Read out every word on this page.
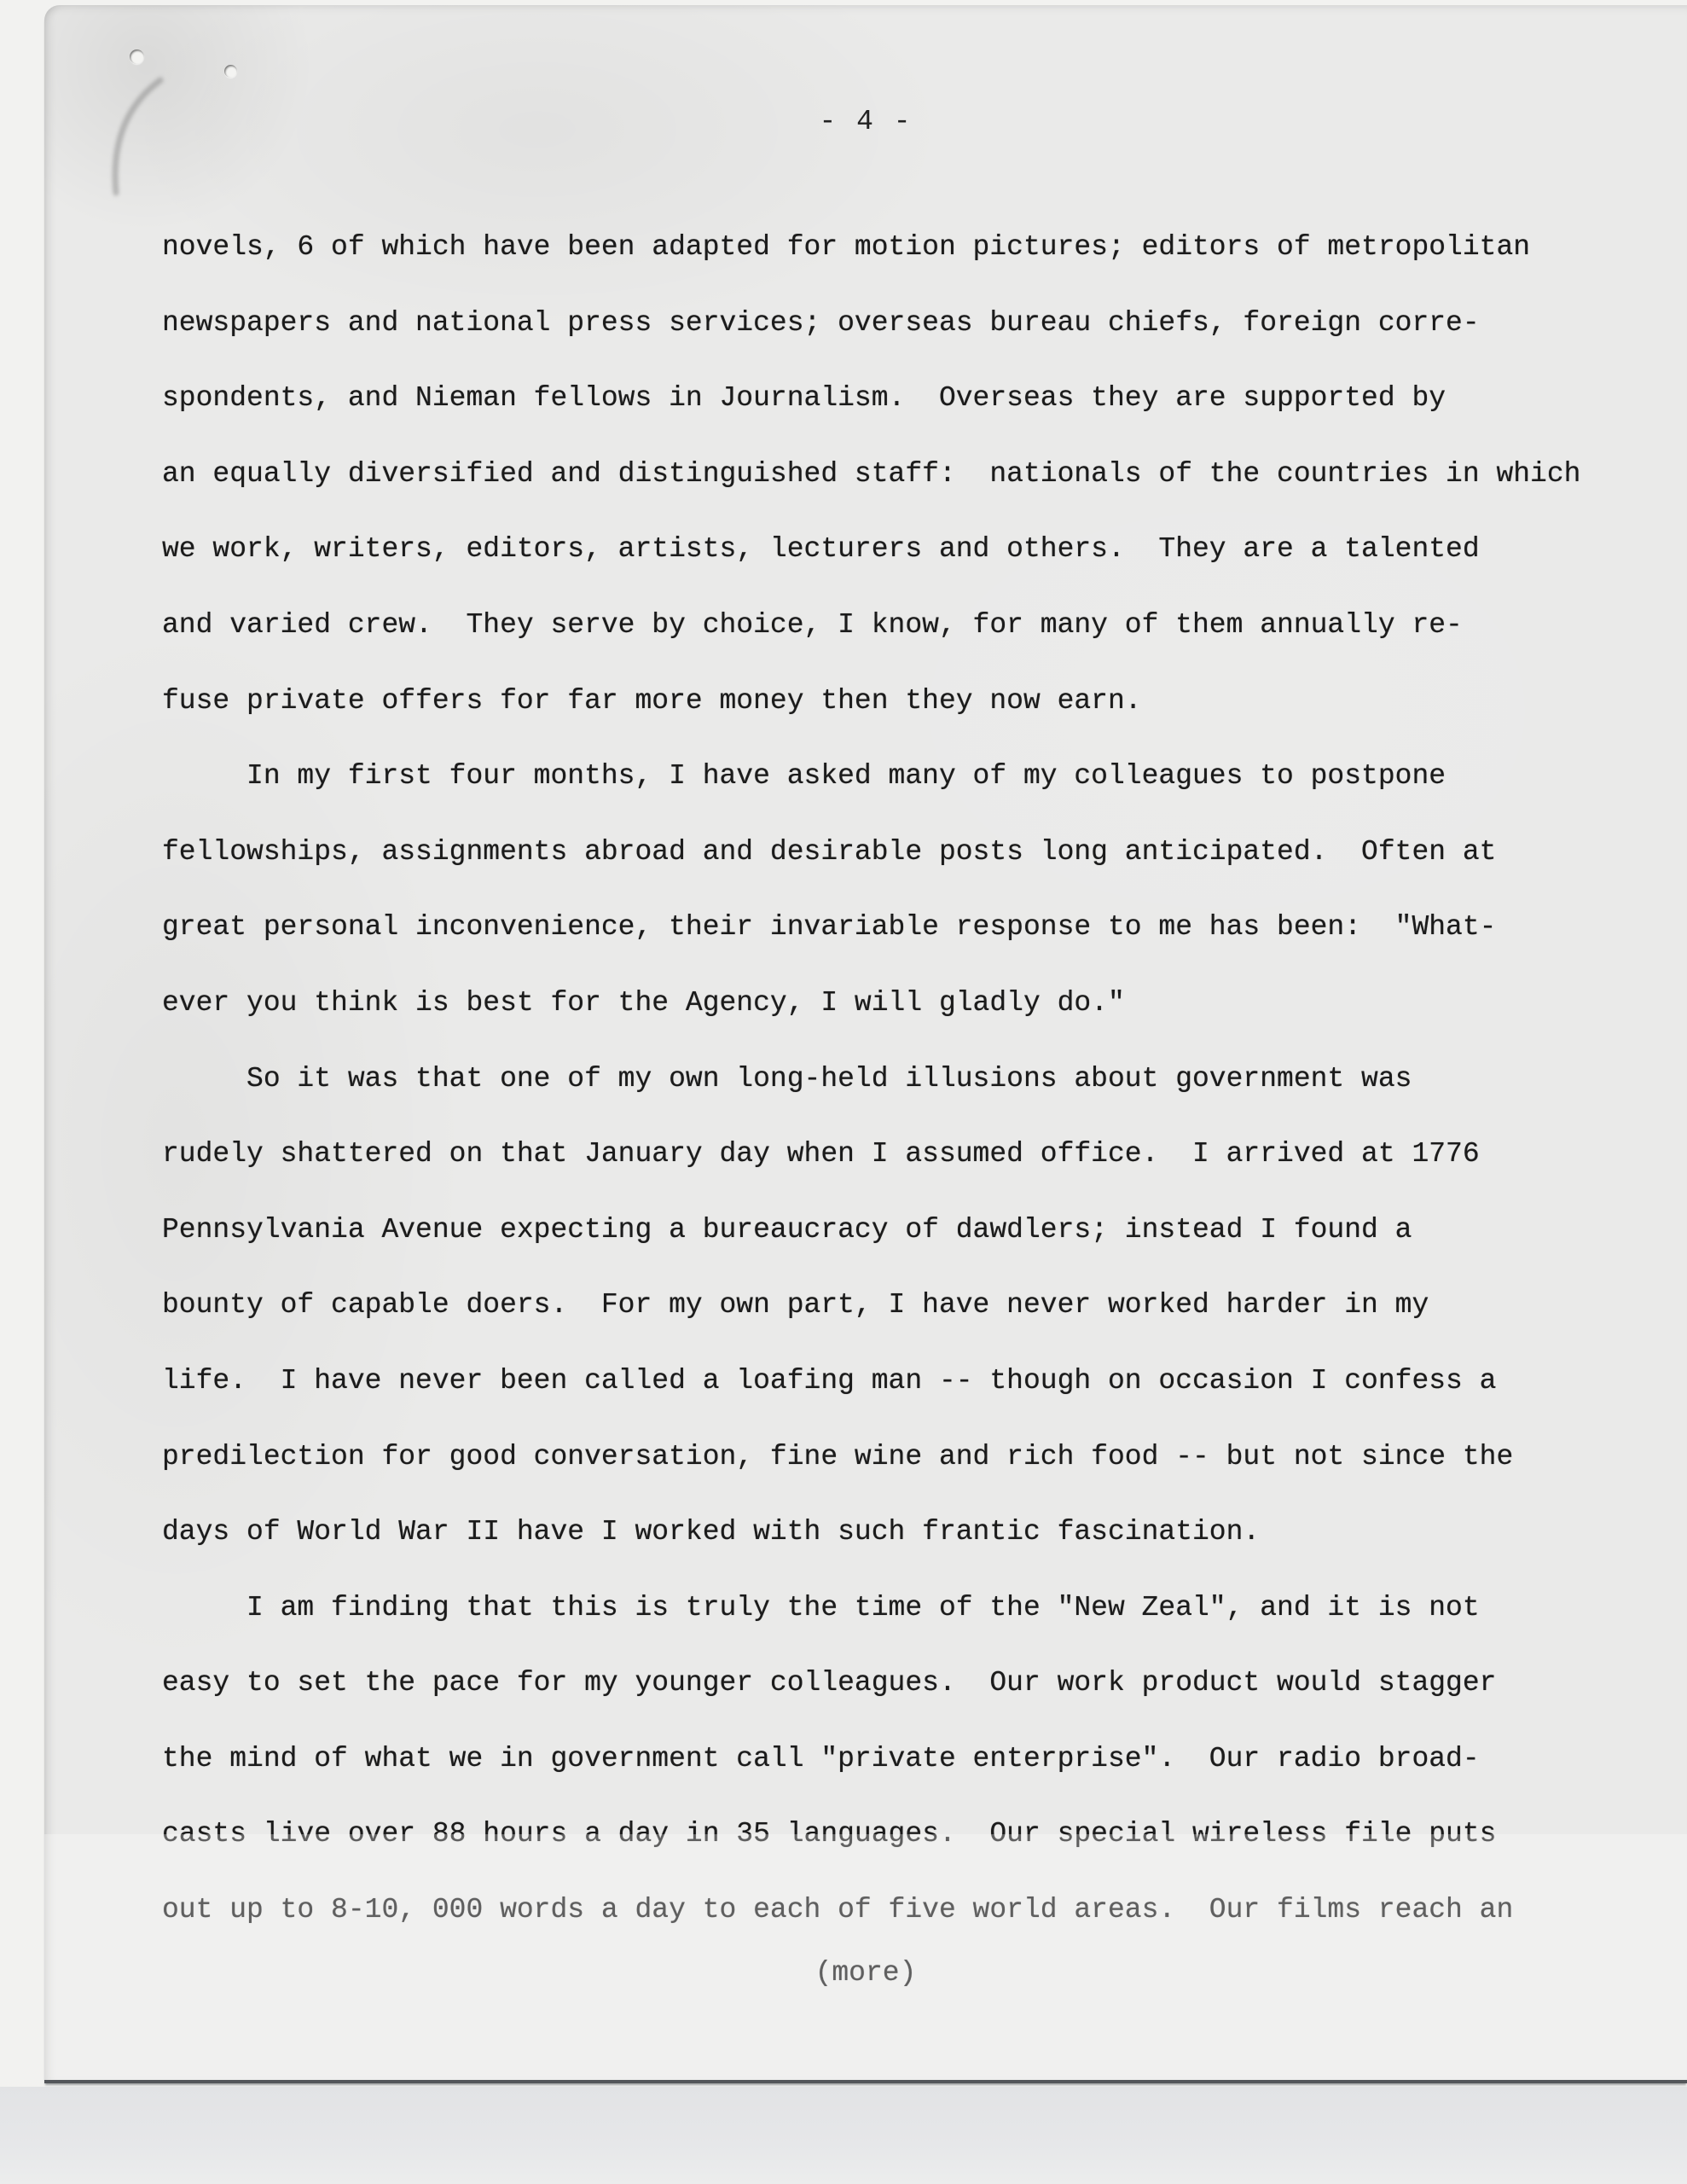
- 4 -
novels, 6 of which have been adapted for motion pictures; editors of metropolitan
newspapers and national press services; overseas bureau chiefs, foreign corre-
spondents, and Nieman fellows in Journalism.  Overseas they are supported by
an equally diversified and distinguished staff:  nationals of the countries in which
we work, writers, editors, artists, lecturers and others.  They are a talented
and varied crew.  They serve by choice, I know, for many of them annually re-
fuse private offers for far more money then they now earn.
In my first four months, I have asked many of my colleagues to postpone
fellowships, assignments abroad and desirable posts long anticipated.  Often at
great personal inconvenience, their invariable response to me has been:  "What-
ever you think is best for the Agency, I will gladly do."
So it was that one of my own long-held illusions about government was
rudely shattered on that January day when I assumed office.  I arrived at 1776
Pennsylvania Avenue expecting a bureaucracy of dawdlers; instead I found a
bounty of capable doers.  For my own part, I have never worked harder in my
life.  I have never been called a loafing man -- though on occasion I confess a
predilection for good conversation, fine wine and rich food -- but not since the
days of World War II have I worked with such frantic fascination.
I am finding that this is truly the time of the "New Zeal", and it is not
easy to set the pace for my younger colleagues.  Our work product would stagger
the mind of what we in government call "private enterprise".  Our radio broad-
casts live over 88 hours a day in 35 languages.  Our special wireless file puts
out up to 8-10, 000 words a day to each of five world areas.  Our films reach an
(more)
